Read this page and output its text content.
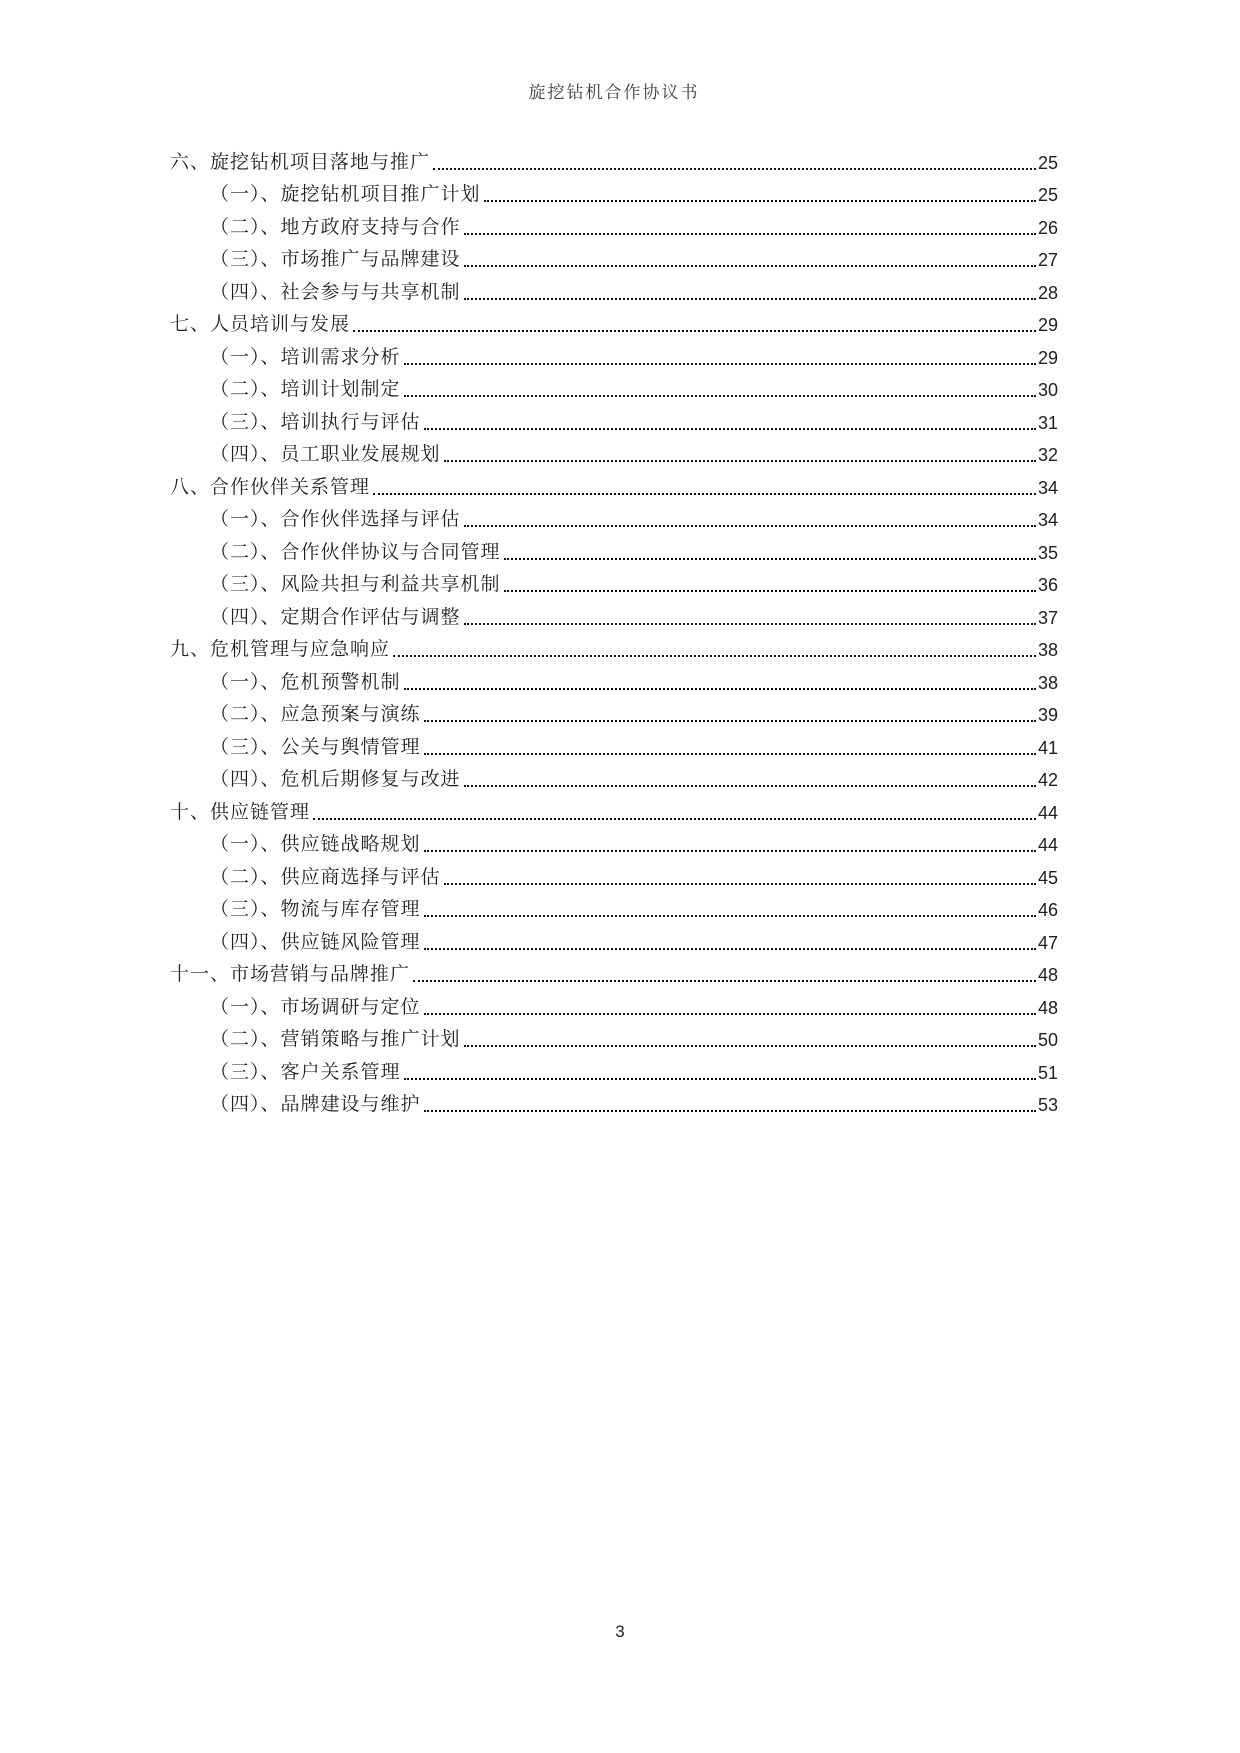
旋挖钻机合作协议书
六、旋挖钻机项目落地与推广	25
（一）、旋挖钻机项目推广计划	25
（二）、地方政府支持与合作	26
（三）、市场推广与品牌建设	27
（四）、社会参与与共享机制	28
七、人员培训与发展	29
（一）、培训需求分析	29
（二）、培训计划制定	30
（三）、培训执行与评估	31
（四）、员工职业发展规划	32
八、合作伙伴关系管理	34
（一）、合作伙伴选择与评估	34
（二）、合作伙伴协议与合同管理	35
（三）、风险共担与利益共享机制	36
（四）、定期合作评估与调整	37
九、危机管理与应急响应	38
（一）、危机预警机制	38
（二）、应急预案与演练	39
（三）、公关与舆情管理	41
（四）、危机后期修复与改进	42
十、供应链管理	44
（一）、供应链战略规划	44
（二）、供应商选择与评估	45
（三）、物流与库存管理	46
（四）、供应链风险管理	47
十一、市场营销与品牌推广	48
（一）、市场调研与定位	48
（二）、营销策略与推广计划	50
（三）、客户关系管理	51
（四）、品牌建设与维护	53
3
